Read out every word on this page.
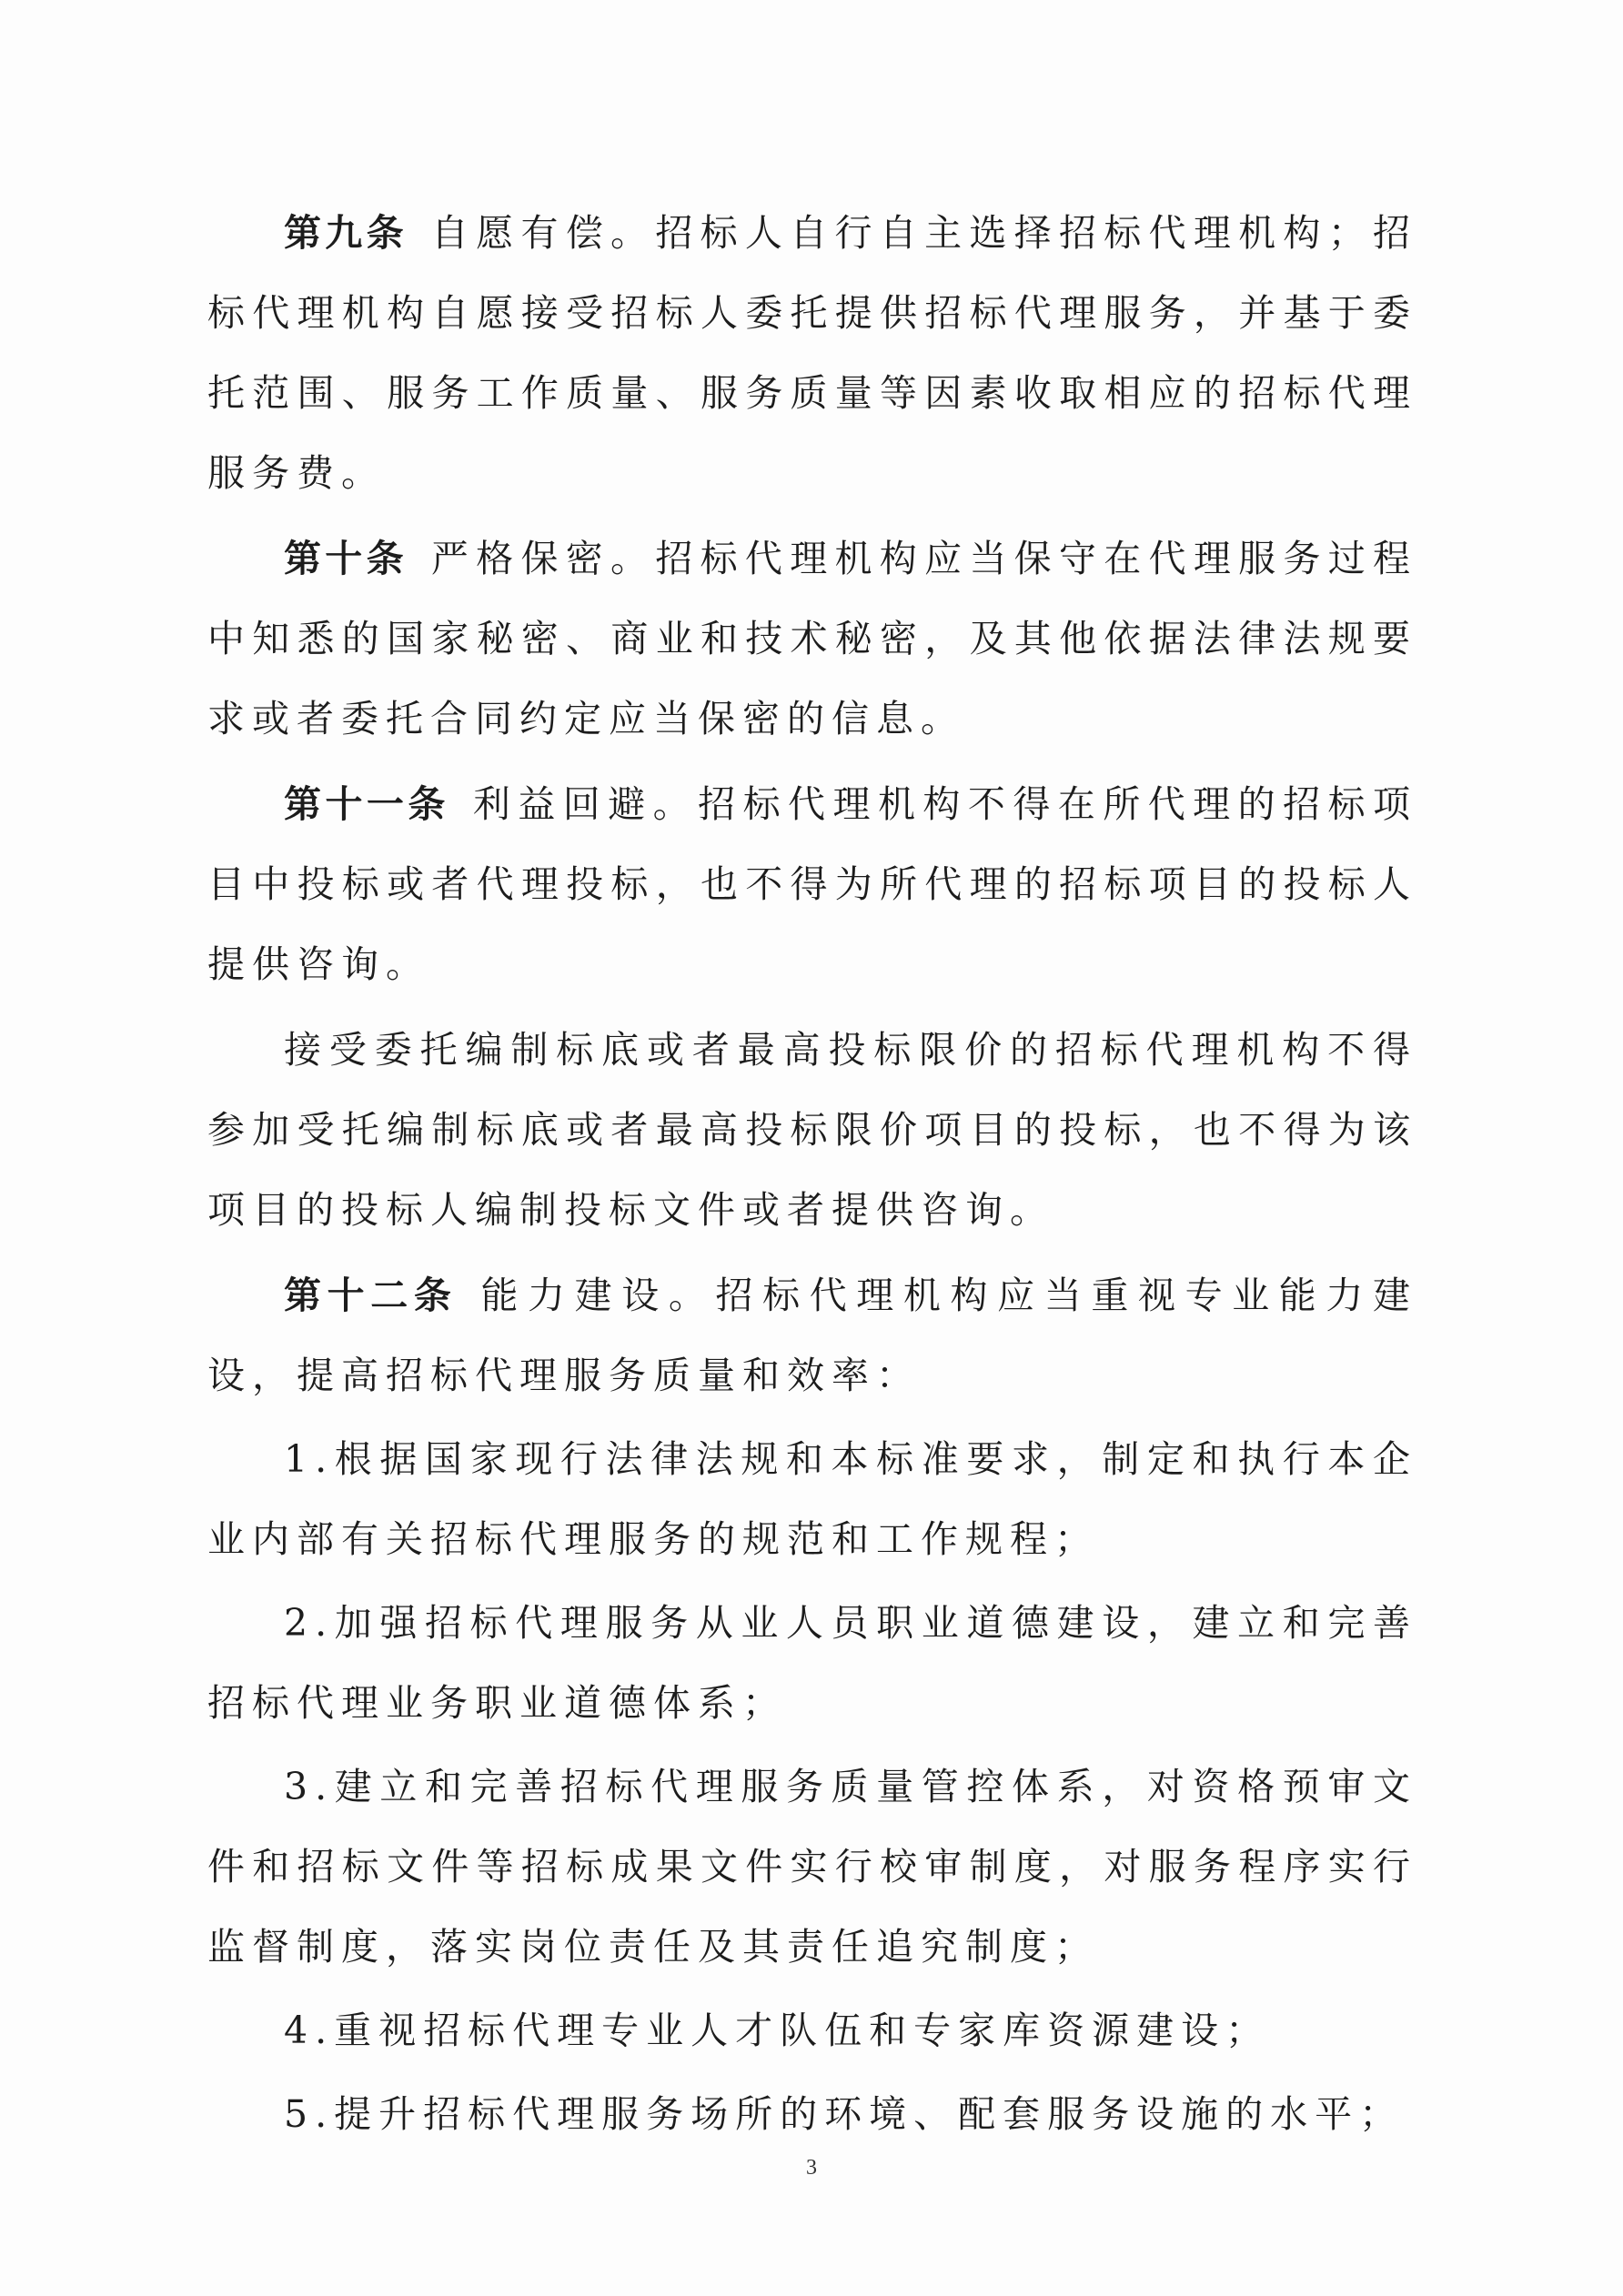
第九条 自愿有偿。招标人自行自主选择招标代理机构；招标代理机构自愿接受招标人委托提供招标代理服务，并基于委托范围、服务工作质量、服务质量等因素收取相应的招标代理服务费。

第十条 严格保密。招标代理机构应当保守在代理服务过程中知悉的国家秘密、商业和技术秘密，及其他依据法律法规要求或者委托合同约定应当保密的信息。

第十一条 利益回避。招标代理机构不得在所代理的招标项目中投标或者代理投标，也不得为所代理的招标项目的投标人提供咨询。

接受委托编制标底或者最高投标限价的招标代理机构不得参加受托编制标底或者最高投标限价项目的投标，也不得为该项目的投标人编制投标文件或者提供咨询。

第十二条 能力建设。招标代理机构应当重视专业能力建设，提高招标代理服务质量和效率：

1.根据国家现行法律法规和本标准要求，制定和执行本企业内部有关招标代理服务的规范和工作规程；

2.加强招标代理服务从业人员职业道德建设，建立和完善招标代理业务职业道德体系；

3.建立和完善招标代理服务质量管控体系，对资格预审文件和招标文件等招标成果文件实行校审制度，对服务程序实行监督制度，落实岗位责任及其责任追究制度；

4.重视招标代理专业人才队伍和专家库资源建设；

5.提升招标代理服务场所的环境、配套服务设施的水平；

3
